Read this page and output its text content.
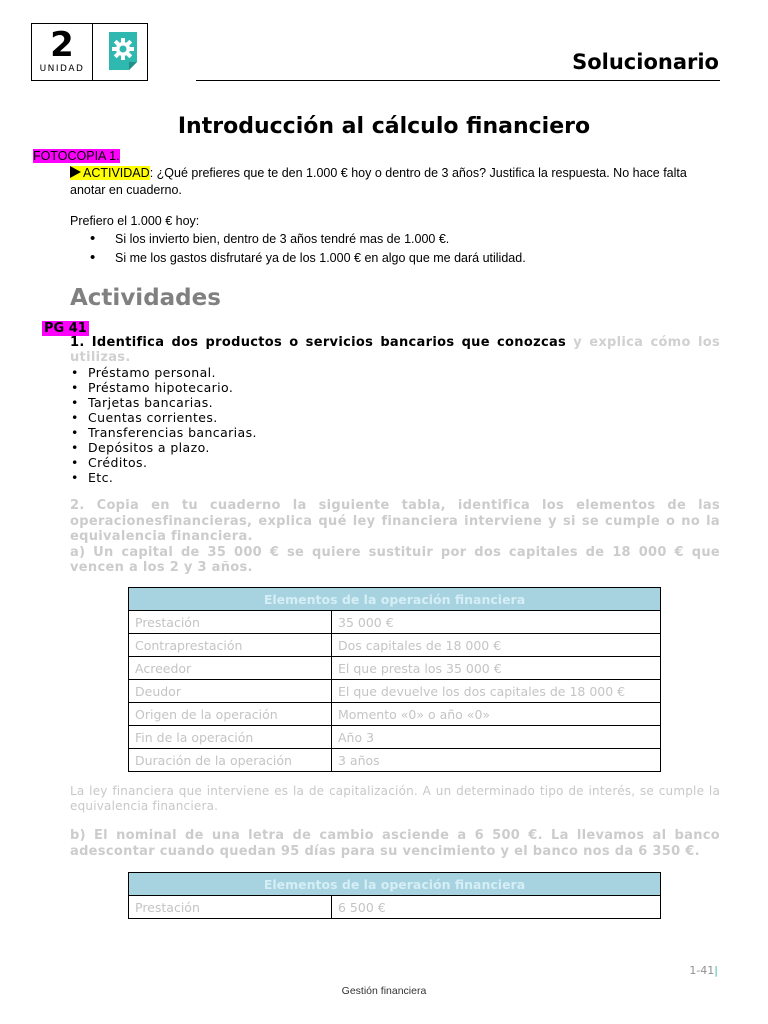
2
UNIDAD	Solucionario
Introducción al cálculo financiero
FOTOCOPIA 1.
ACTIVIDAD: ¿Qué prefieres que te den 1.000 € hoy o dentro de 3 años? Justifica la respuesta. No hace falta anotar en cuaderno.
Prefiero el 1.000 € hoy:
• Si los invierto bien, dentro de 3 años tendré mas de 1.000 €.
• Si me los gastos disfrutaré ya de los 1.000 € en algo que me dará utilidad.
Actividades
PG 41
1. Identifica dos productos o servicios bancarios que conozcas y explica cómo los utilizas.
• Préstamo personal.
• Préstamo hipotecario.
• Tarjetas bancarias.
• Cuentas corrientes.
• Transferencias bancarias.
• Depósitos a plazo.
• Créditos.
• Etc.
2. Copia en tu cuaderno la siguiente tabla, identifica los elementos de las operacionesfinancieras, explica qué ley financiera interviene y si se cumple o no la equivalencia financiera.
a) Un capital de 35 000 € se quiere sustituir por dos capitales de 18 000 € que vencen a los 2 y 3 años.
Elementos de la operación financiera	
Prestación	35 000 €
Contraprestación	Dos capitales de 18 000 €
Acreedor	El que presta los 35 000 €
Deudor	El que devuelve los dos capitales de 18 000 €
Origen de la operación	Momento «0» o año «0»
Fin de la operación	Año 3
Duración de la operación	3 años
La ley financiera que interviene es la de capitalización. A un determinado tipo de interés, se cumple la equivalencia financiera.
b) El nominal de una letra de cambio asciende a 6 500 €. La llevamos al banco adescontar cuando quedan 95 días para su vencimiento y el banco nos da 6 350 €.
Elementos de la operación financiera
Prestación	6 500 €
1-41|
Gestión financiera
